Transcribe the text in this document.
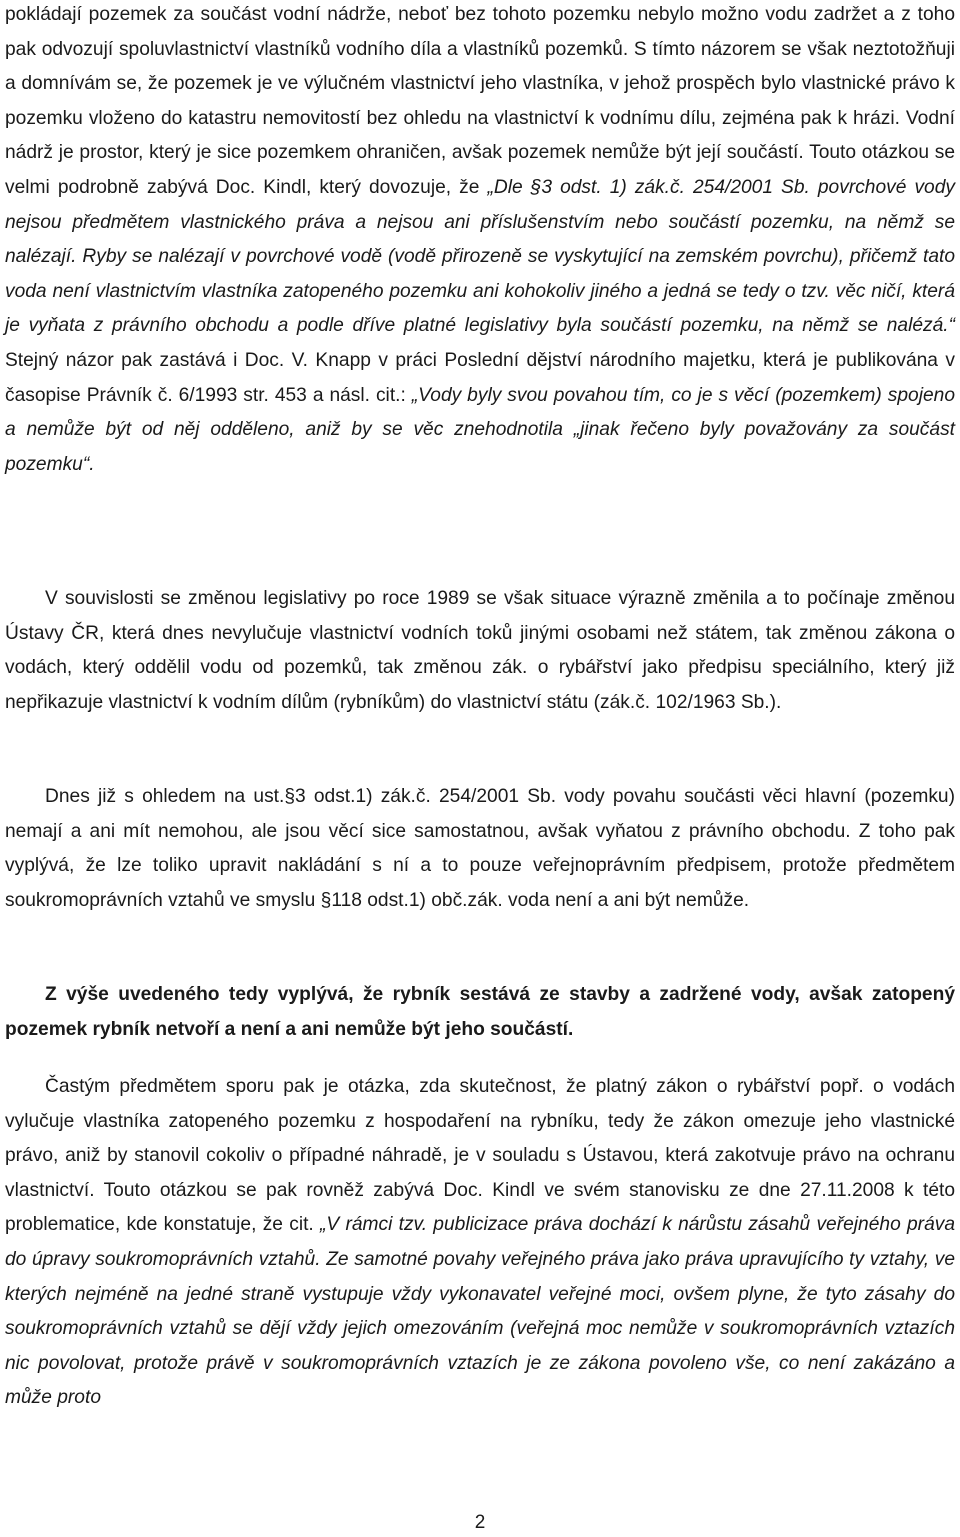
pokládají pozemek za součást vodní nádrže, neboť bez tohoto pozemku nebylo možno vodu zadržet a z toho pak odvozují spoluvlastnictví vlastníků vodního díla a vlastníků pozemků. S tímto názorem se však neztotožňuji a domnívám se, že pozemek je ve výlučném vlastnictví jeho vlastníka, v jehož prospěch bylo vlastnické právo k pozemku vloženo do katastru nemovitostí bez ohledu na vlastnictví k vodnímu dílu, zejména pak k hrázi. Vodní nádrž je prostor, který je sice pozemkem ohraničen, avšak pozemek nemůže být její součástí. Touto otázkou se velmi podrobně zabývá Doc. Kindl, který dovozuje, že „Dle §3 odst. 1) zák.č. 254/2001 Sb. povrchové vody nejsou předmětem vlastnického práva a nejsou ani příslušenstvím nebo součástí pozemku, na němž se nalézají. Ryby se nalézají v povrchové vodě (vodě přirozeně se vyskytující na zemském povrchu), přičemž tato voda není vlastnictvím vlastníka zatopeného pozemku ani kohokoliv jiného a jedná se tedy o tzv. věc ničí, která je vyňata z právního obchodu a podle dříve platné legislativy byla součástí pozemku, na němž se nalézá.“ Stejný názor pak zastává i Doc. V. Knapp v práci Poslední dějství národního majetku, která je publikována v časopise Právník č. 6/1993 str. 453 a násl. cit.: „Vody byly svou povahou tím, co je s věcí (pozemkem) spojeno a nemůže být od něj odděleno, aniž by se věc znehodnotila „jinak řečeno byly považovány za součást pozemku“.

V souvislosti se změnou legislativy po roce 1989 se však situace výrazně změnila a to počínaje změnou Ústavy ČR, která dnes nevylučuje vlastnictví vodních toků jinými osobami než státem, tak změnou zákona o vodách, který oddělil vodu od pozemků, tak změnou zák. o rybářství jako předpisu speciálního, který již nepřikazuje vlastnictví k vodním dílům (rybníkům) do vlastnictví státu (zák.č. 102/1963 Sb.).

Dnes již s ohledem na ust.§3 odst.1) zák.č. 254/2001 Sb. vody povahu součásti věci hlavní (pozemku) nemají a ani mít nemohou, ale jsou věcí sice samostatnou, avšak vyňatou z právního obchodu. Z toho pak vyplývá, že lze toliko upravit nakládání s ní a to pouze veřejnoprávním předpisem, protože předmětem soukromoprávních vztahů ve smyslu §118 odst.1) obč.zák. voda není a ani být nemůže.

Z výše uvedeného tedy vyplývá, že rybník sestává ze stavby a zadržené vody, avšak zatopený pozemek rybník netvoří a není a ani nemůže být jeho součástí.

Častým předmětem sporu pak je otázka, zda skutečnost, že platný zákon o rybářství popř. o vodách vylučuje vlastníka zatopeného pozemku z hospodaření na rybníku, tedy že zákon omezuje jeho vlastnické právo, aniž by stanovil cokoliv o případné náhradě, je v souladu s Ústavou, která zakotvuje právo na ochranu vlastnictví. Touto otázkou se pak rovněž zabývá Doc. Kindl ve svém stanovisku ze dne 27.11.2008 k této problematice, kde konstatuje, že cit. „V rámci tzv. publicizace práva dochází k nárůstu zásahů veřejného práva do úpravy soukromoprávních vztahů. Ze samotné povahy veřejného práva jako práva upravujícího ty vztahy, ve kterých nejméně na jedné straně vystupuje vždy vykonavatel veřejné moci, ovšem plyne, že tyto zásahy do soukromoprávních vztahů se dějí vždy jejich omezováním (veřejná moc nemůže v soukromoprávních vztazích nic povolovat, protože právě v soukromoprávních vztazích je ze zákona povoleno vše, co není zakázáno a může proto

2
